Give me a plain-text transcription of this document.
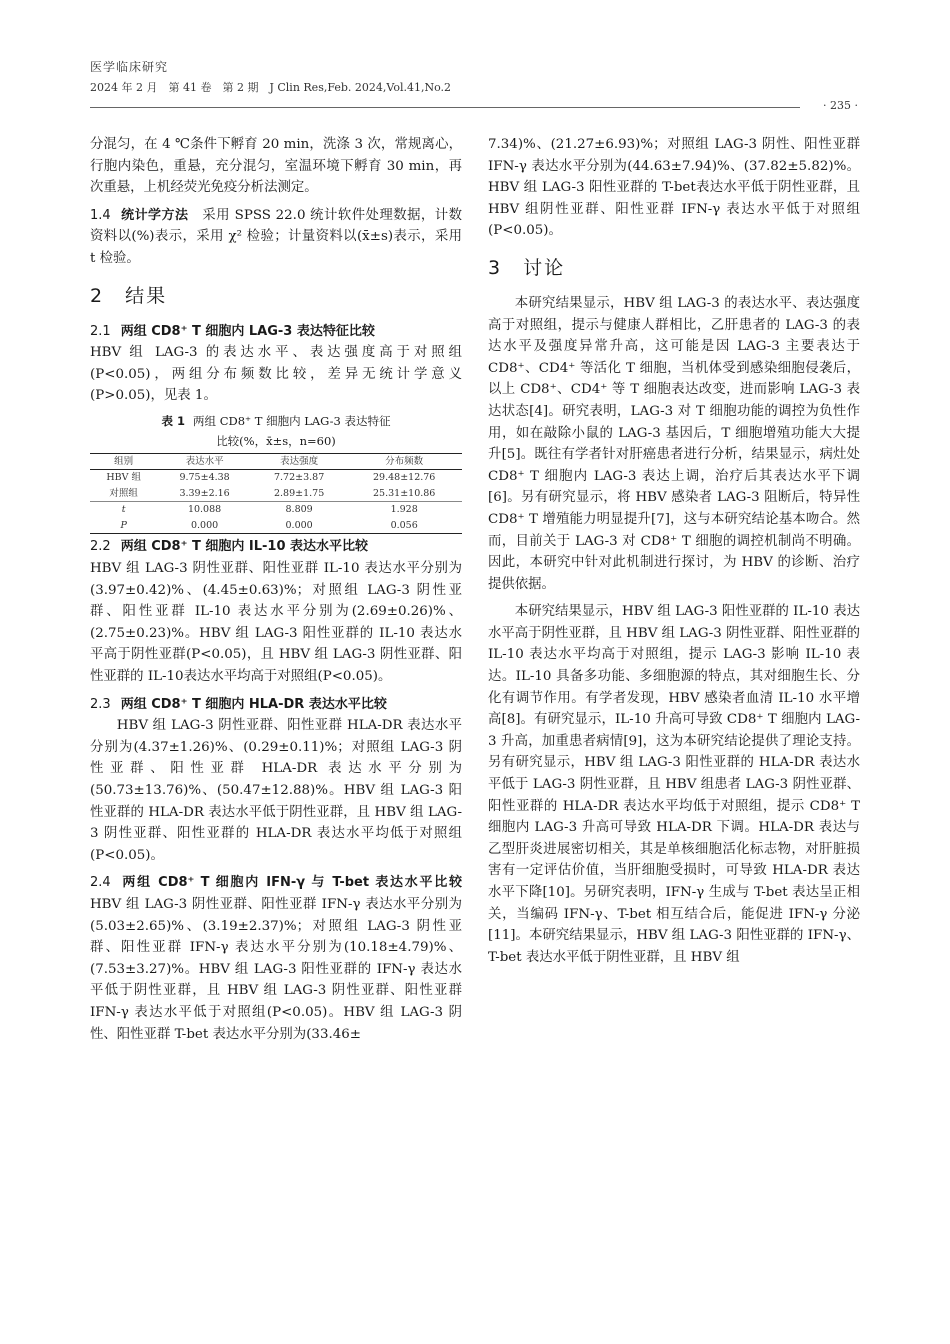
医学临床研究
2024 年 2 月　第 41 卷　第 2 期　J Clin Res,Feb. 2024,Vol.41,No.2
· 235 ·

分混匀，在 4 ℃条件下孵育 20 min，洗涤 3 次，常规离心，行胞内染色，重悬，充分混匀，室温环境下孵育 30 min，再次重悬，上机经荧光免疫分析法测定。

1.4 统计学方法　 采用 SPSS 22.0 统计软件处理数据，计数资料以(%)表示，采用 χ² 检验；计量资料以(x̄±s)表示，采用 t 检验。

2　结果

2.1 两组 CD8⁺ T 细胞内 LAG-3 表达特征比较

HBV 组 LAG-3 的表达水平、表达强度高于对照组(P<0.05)，两组分布频数比较，差异无统计学意义(P>0.05)，见表 1。

表 1 两组 CD8⁺ T 细胞内 LAG-3 表达特征
比较(%，x̄±s，n=60)
组别	表达水平	表达强度	分布频数
HBV 组	9.75±4.38	7.72±3.87	29.48±12.76
对照组	3.39±2.16	2.89±1.75	25.31±10.86
t	10.088	8.809	1.928
P	0.000	0.000	0.056

2.2 两组 CD8⁺ T 细胞内 IL-10 表达水平比较

HBV 组 LAG-3 阴性亚群、阳性亚群 IL-10 表达水平分别为(3.97±0.42)%、(4.45±0.63)%；对照组 LAG-3 阴性亚群、阳性亚群 IL-10 表达水平分别为(2.69±0.26)%、(2.75±0.23)%。HBV 组 LAG-3 阳性亚群的 IL-10 表达水平高于阴性亚群(P<0.05)，且 HBV 组 LAG-3 阴性亚群、阳性亚群的 IL-10表达水平均高于对照组(P<0.05)。

2.3 两组 CD8⁺ T 细胞内 HLA-DR 表达水平比较

HBV 组 LAG-3 阴性亚群、阳性亚群 HLA-DR 表达水平分别为(4.37±1.26)%、(0.29±0.11)%；对照组 LAG-3 阴性亚群、阳性亚群 HLA-DR 表达水平分别为(50.73±13.76)%、(50.47±12.88)%。HBV 组 LAG-3 阳性亚群的 HLA-DR 表达水平低于阴性亚群，且 HBV 组 LAG-3 阴性亚群、阳性亚群的 HLA-DR 表达水平均低于对照组(P<0.05)。

2.4 两组 CD8⁺ T 细胞内 IFN-γ 与 T-bet 表达水平比较　HBV 组 LAG-3 阴性亚群、阳性亚群 IFN-γ 表达水平分别为(5.03±2.65)%、(3.19±2.37)%；对照组 LAG-3 阴性亚群、阳性亚群 IFN-γ 表达水平分别为(10.18±4.79)%、(7.53±3.27)%。HBV 组 LAG-3 阳性亚群的 IFN-γ 表达水平低于阴性亚群，且 HBV 组 LAG-3 阴性亚群、阳性亚群 IFN-γ 表达水平低于对照组(P<0.05)。HBV 组 LAG-3 阴性、阳性亚群 T-bet 表达水平分别为(33.46±

7.34)%、(21.27±6.93)%；对照组 LAG-3 阴性、阳性亚群 IFN-γ 表达水平分别为(44.63±7.94)%、(37.82±5.82)%。HBV 组 LAG-3 阳性亚群的 T-bet表达水平低于阴性亚群，且 HBV 组阴性亚群、阳性亚群 IFN-γ 表达水平低于对照组(P<0.05)。

3　讨论

本研究结果显示，HBV 组 LAG-3 的表达水平、表达强度高于对照组，提示与健康人群相比，乙肝患者的 LAG-3 的表达水平及强度异常升高，这可能是因 LAG-3 主要表达于 CD8⁺、CD4⁺ 等活化 T 细胞，当机体受到感染细胞侵袭后，以上 CD8⁺、CD4⁺ 等 T 细胞表达改变，进而影响 LAG-3 表达状态[4]。研究表明，LAG-3 对 T 细胞功能的调控为负性作用，如在敲除小鼠的 LAG-3 基因后，T 细胞增殖功能大大提升[5]。既往有学者针对肝癌患者进行分析，结果显示，病灶处 CD8⁺ T 细胞内 LAG-3 表达上调，治疗后其表达水平下调[6]。另有研究显示，将 HBV 感染者 LAG-3 阻断后，特异性 CD8⁺ T 增殖能力明显提升[7]，这与本研究结论基本吻合。然而，目前关于 LAG-3 对 CD8⁺ T 细胞的调控机制尚不明确。因此，本研究中针对此机制进行探讨，为 HBV 的诊断、治疗提供依据。

本研究结果显示，HBV 组 LAG-3 阳性亚群的 IL-10 表达水平高于阴性亚群，且 HBV 组 LAG-3 阴性亚群、阳性亚群的 IL-10 表达水平均高于对照组，提示 LAG-3 影响 IL-10 表达。IL-10 具备多功能、多细胞源的特点，其对细胞生长、分化有调节作用。有学者发现，HBV 感染者血清 IL-10 水平增高[8]。有研究显示，IL-10 升高可导致 CD8⁺ T 细胞内 LAG-3 升高，加重患者病情[9]，这为本研究结论提供了理论支持。另有研究显示，HBV 组 LAG-3 阳性亚群的 HLA-DR 表达水平低于 LAG-3 阴性亚群，且 HBV 组患者 LAG-3 阴性亚群、阳性亚群的 HLA-DR 表达水平均低于对照组，提示 CD8⁺ T 细胞内 LAG-3 升高可导致 HLA-DR 下调。HLA-DR 表达与乙型肝炎进展密切相关，其是单核细胞活化标志物，对肝脏损害有一定评估价值，当肝细胞受损时，可导致 HLA-DR 表达水平下降[10]。另研究表明，IFN-γ 生成与 T-bet 表达呈正相关，当编码 IFN-γ、T-bet 相互结合后，能促进 IFN-γ 分泌[11]。本研究结果显示，HBV 组 LAG-3 阳性亚群的 IFN-γ、T-bet 表达水平低于阴性亚群，且 HBV 组
